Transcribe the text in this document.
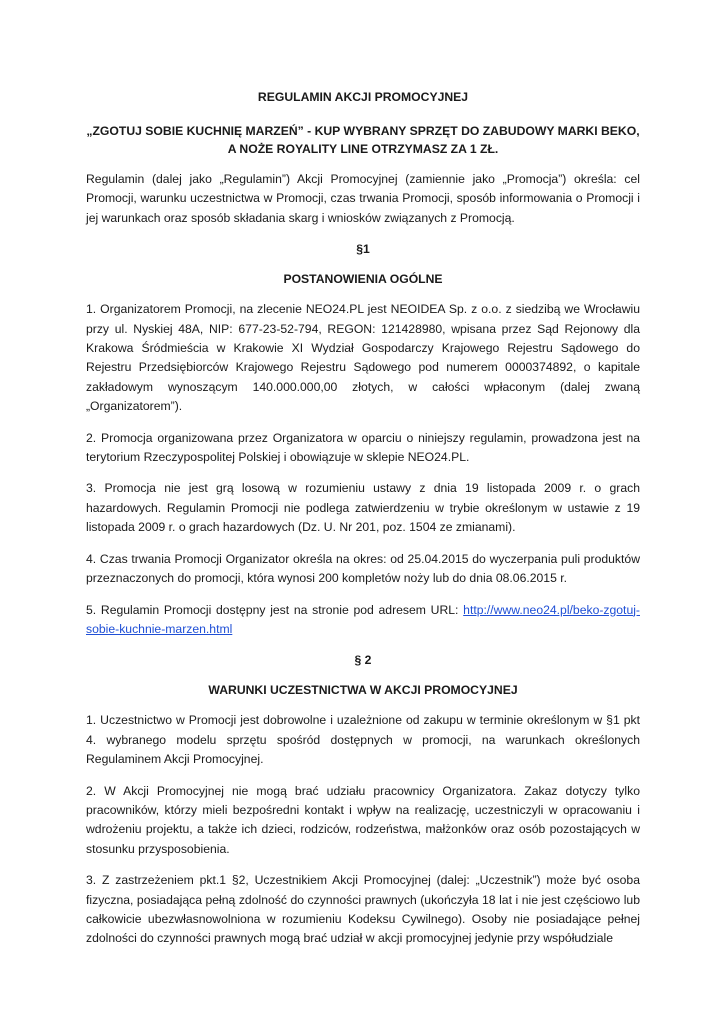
REGULAMIN AKCJI PROMOCYJNEJ
„ZGOTUJ SOBIE KUCHNIĘ MARZEŃ” - KUP WYBRANY SPRZĘT DO ZABUDOWY MARKI BEKO, A NOŻE ROYALITY LINE OTRZYMASZ ZA 1 ZŁ.

Regulamin (dalej jako „Regulamin”) Akcji Promocyjnej (zamiennie jako „Promocja”) określa: cel Promocji, warunku uczestnictwa w Promocji, czas trwania Promocji, sposób informowania o Promocji i jej warunkach oraz sposób składania skarg i wniosków związanych z Promocją.

§1
POSTANOWIENIA OGÓLNE

1. Organizatorem Promocji, na zlecenie NEO24.PL jest NEOIDEA Sp. z o.o. z siedzibą we Wrocławiu przy ul. Nyskiej 48A, NIP: 677-23-52-794, REGON: 121428980, wpisana przez Sąd Rejonowy dla Krakowa Śródmieścia w Krakowie XI Wydział Gospodarczy Krajowego Rejestru Sądowego do Rejestru Przedsiębiorców Krajowego Rejestru Sądowego pod numerem 0000374892, o kapitale zakładowym wynoszącym 140.000.000,00 złotych, w całości wpłaconym (dalej zwaną „Organizatorem”).

2. Promocja organizowana przez Organizatora w oparciu o niniejszy regulamin, prowadzona jest na terytorium Rzeczypospolitej Polskiej i obowiązuje w sklepie NEO24.PL.

3. Promocja nie jest grą losową w rozumieniu ustawy z dnia 19 listopada 2009 r. o grach hazardowych. Regulamin Promocji nie podlega zatwierdzeniu w trybie określonym w ustawie z 19 listopada 2009 r. o grach hazardowych (Dz. U. Nr 201, poz. 1504 ze zmianami).

4. Czas trwania Promocji Organizator określa na okres: od 25.04.2015 do wyczerpania puli produktów przeznaczonych do promocji, która wynosi 200 kompletów noży lub do dnia 08.06.2015 r.

5. Regulamin Promocji dostępny jest na stronie pod adresem URL: http://www.neo24.pl/beko-zgotuj-sobie-kuchnie-marzen.html

§ 2
WARUNKI UCZESTNICTWA W AKCJI PROMOCYJNEJ

1. Uczestnictwo w Promocji jest dobrowolne i uzależnione od zakupu w terminie określonym w §1 pkt 4. wybranego modelu sprzętu spośród dostępnych w promocji, na warunkach określonych Regulaminem Akcji Promocyjnej.

2. W Akcji Promocyjnej nie mogą brać udziału pracownicy Organizatora. Zakaz dotyczy tylko pracowników, którzy mieli bezpośredni kontakt i wpływ na realizację, uczestniczyli w opracowaniu i wdrożeniu projektu, a także ich dzieci, rodziców, rodzeństwa, małżonków oraz osób pozostających w stosunku przysposobienia.

3. Z zastrzeżeniem pkt.1 §2, Uczestnikiem Akcji Promocyjnej (dalej: „Uczestnik”) może być osoba fizyczna, posiadająca pełną zdolność do czynności prawnych (ukończyła 18 lat i nie jest częściowo lub całkowicie ubezwłasnowolniona w rozumieniu Kodeksu Cywilnego). Osoby nie posiadające pełnej zdolności do czynności prawnych mogą brać udział w akcji promocyjnej jedynie przy współudziale
